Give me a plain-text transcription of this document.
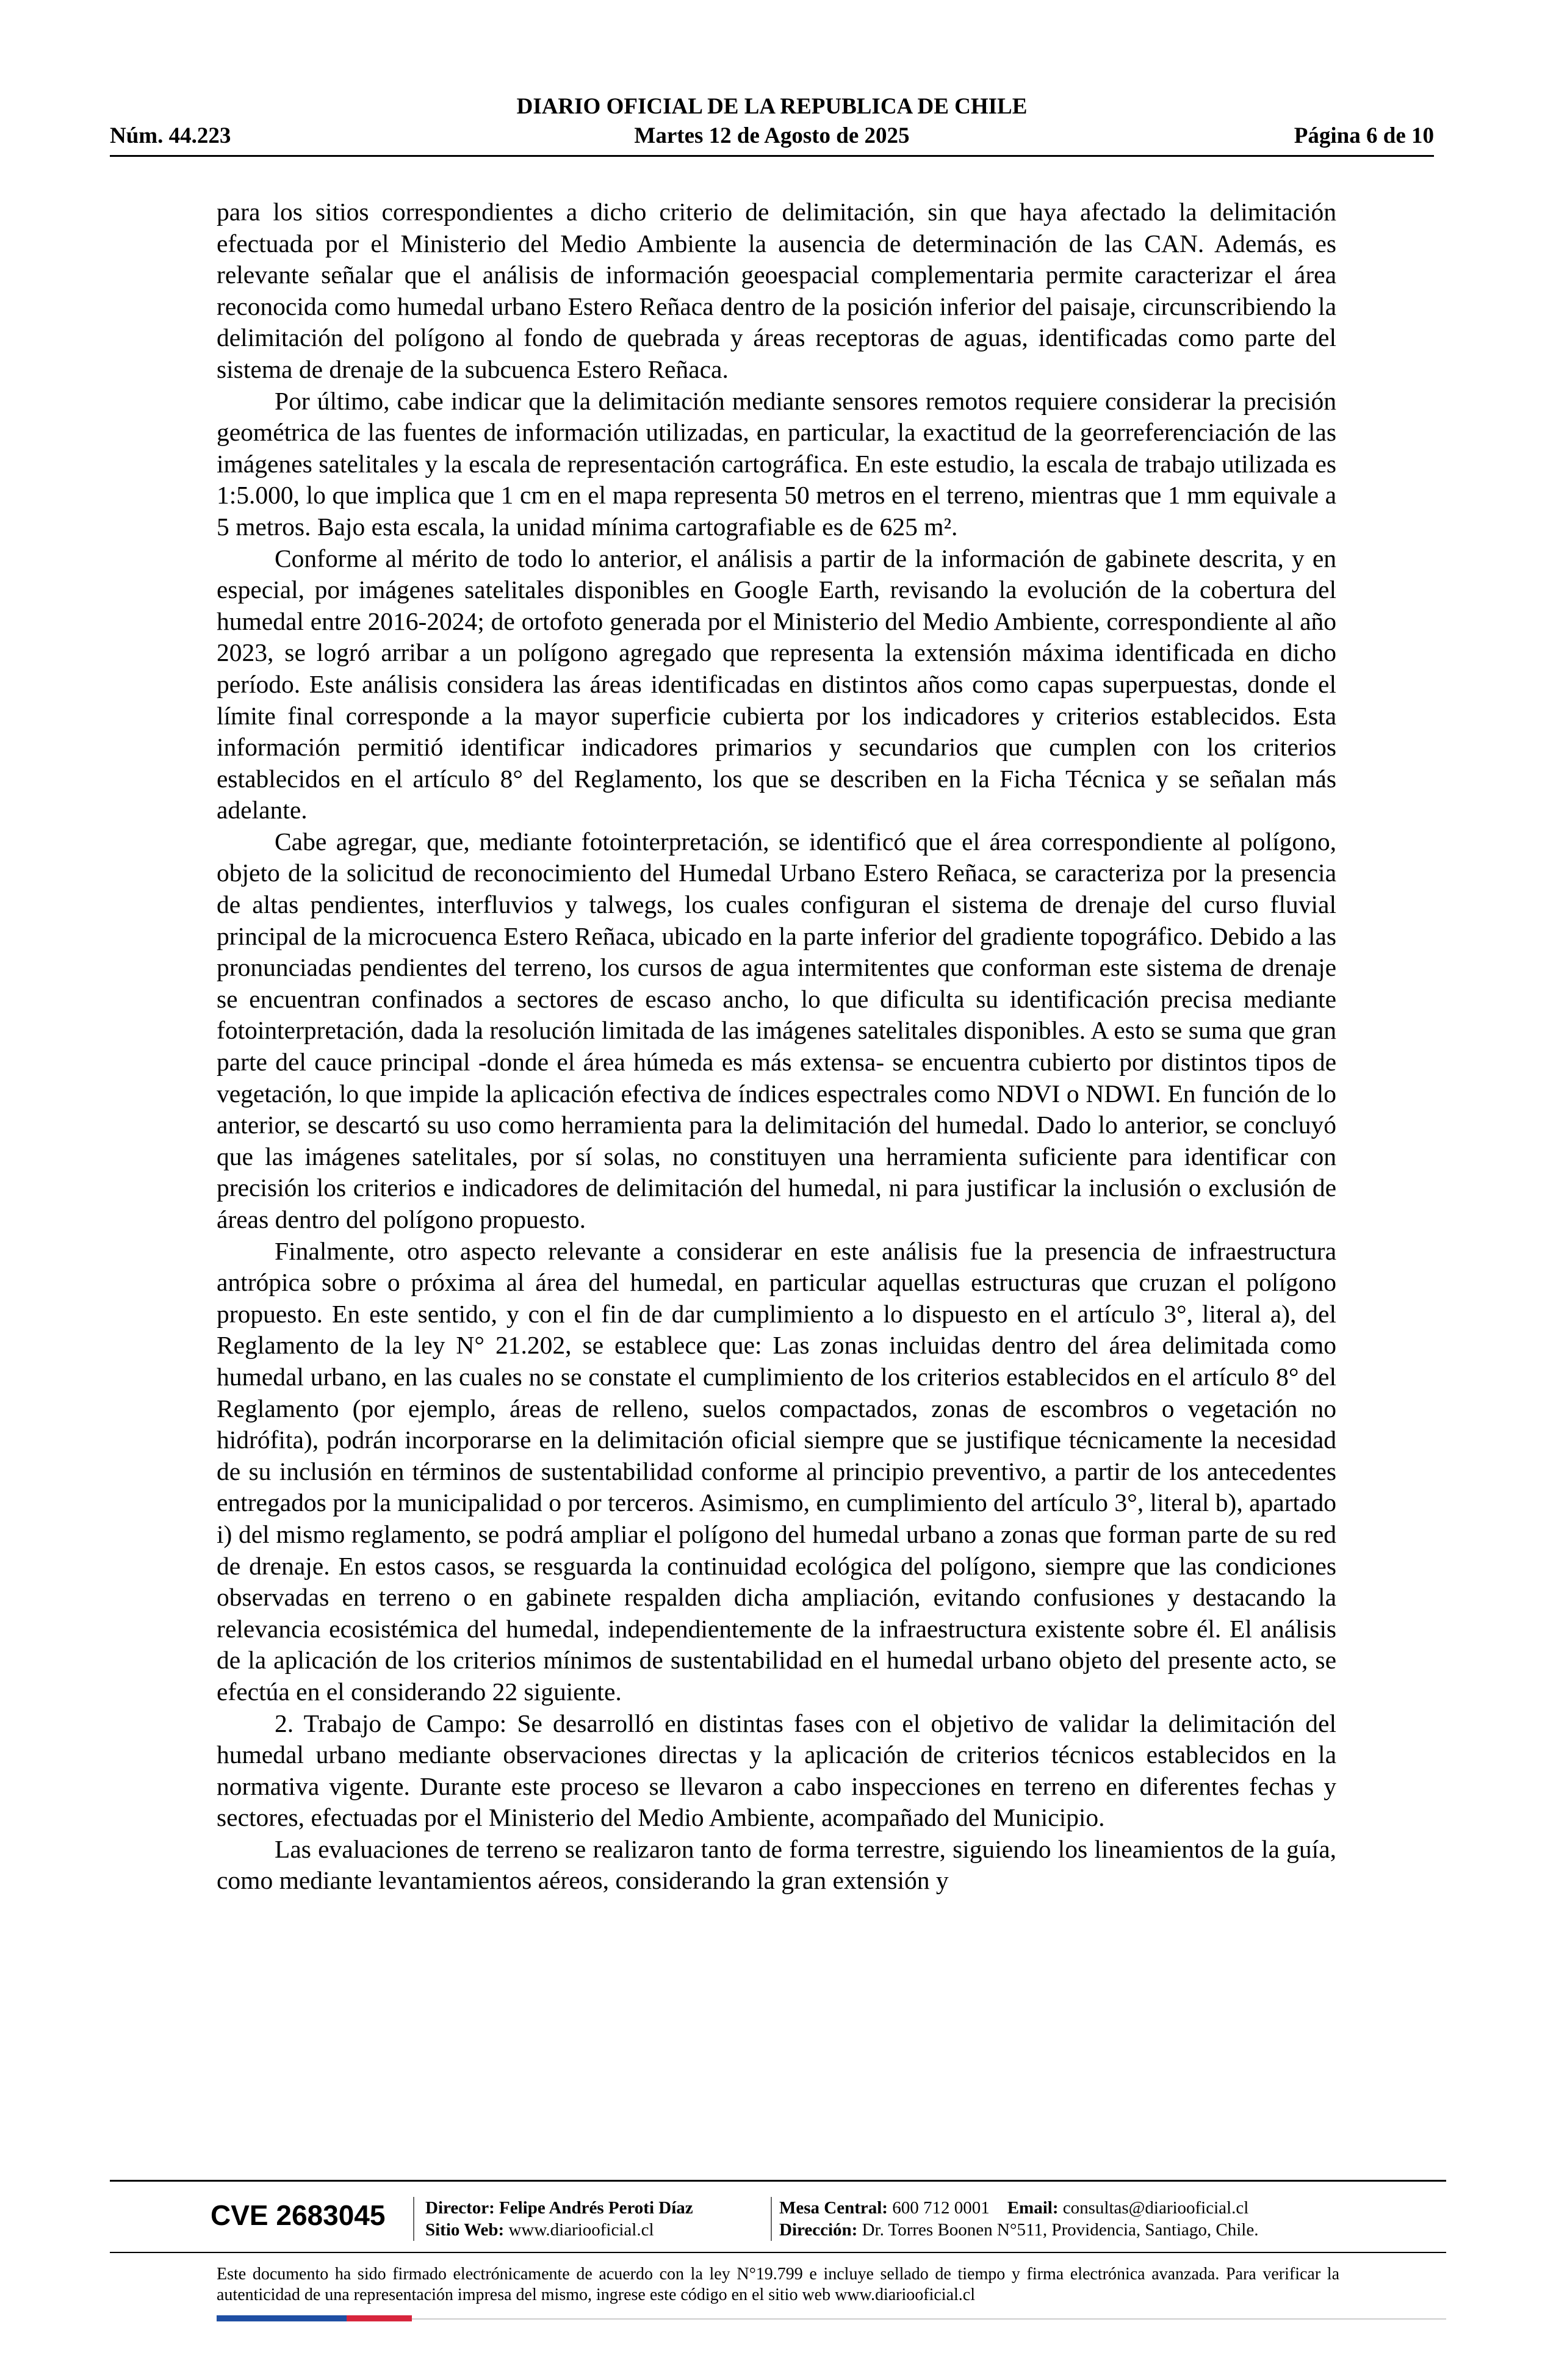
DIARIO OFICIAL DE LA REPUBLICA DE CHILE
Núm. 44.223	Martes 12 de Agosto de 2025	Página 6 de 10

para los sitios correspondientes a dicho criterio de delimitación, sin que haya afectado la delimitación efectuada por el Ministerio del Medio Ambiente la ausencia de determinación de las CAN. Además, es relevante señalar que el análisis de información geoespacial complementaria permite caracterizar el área reconocida como humedal urbano Estero Reñaca dentro de la posición inferior del paisaje, circunscribiendo la delimitación del polígono al fondo de quebrada y áreas receptoras de aguas, identificadas como parte del sistema de drenaje de la subcuenca Estero Reñaca.

Por último, cabe indicar que la delimitación mediante sensores remotos requiere considerar la precisión geométrica de las fuentes de información utilizadas, en particular, la exactitud de la georreferenciación de las imágenes satelitales y la escala de representación cartográfica. En este estudio, la escala de trabajo utilizada es 1:5.000, lo que implica que 1 cm en el mapa representa 50 metros en el terreno, mientras que 1 mm equivale a 5 metros. Bajo esta escala, la unidad mínima cartografiable es de 625 m².

Conforme al mérito de todo lo anterior, el análisis a partir de la información de gabinete descrita, y en especial, por imágenes satelitales disponibles en Google Earth, revisando la evolución de la cobertura del humedal entre 2016-2024; de ortofoto generada por el Ministerio del Medio Ambiente, correspondiente al año 2023, se logró arribar a un polígono agregado que representa la extensión máxima identificada en dicho período. Este análisis considera las áreas identificadas en distintos años como capas superpuestas, donde el límite final corresponde a la mayor superficie cubierta por los indicadores y criterios establecidos. Esta información permitió identificar indicadores primarios y secundarios que cumplen con los criterios establecidos en el artículo 8° del Reglamento, los que se describen en la Ficha Técnica y se señalan más adelante.

Cabe agregar, que, mediante fotointerpretación, se identificó que el área correspondiente al polígono, objeto de la solicitud de reconocimiento del Humedal Urbano Estero Reñaca, se caracteriza por la presencia de altas pendientes, interfluvios y talwegs, los cuales configuran el sistema de drenaje del curso fluvial principal de la microcuenca Estero Reñaca, ubicado en la parte inferior del gradiente topográfico. Debido a las pronunciadas pendientes del terreno, los cursos de agua intermitentes que conforman este sistema de drenaje se encuentran confinados a sectores de escaso ancho, lo que dificulta su identificación precisa mediante fotointerpretación, dada la resolución limitada de las imágenes satelitales disponibles. A esto se suma que gran parte del cauce principal -donde el área húmeda es más extensa- se encuentra cubierto por distintos tipos de vegetación, lo que impide la aplicación efectiva de índices espectrales como NDVI o NDWI. En función de lo anterior, se descartó su uso como herramienta para la delimitación del humedal. Dado lo anterior, se concluyó que las imágenes satelitales, por sí solas, no constituyen una herramienta suficiente para identificar con precisión los criterios e indicadores de delimitación del humedal, ni para justificar la inclusión o exclusión de áreas dentro del polígono propuesto.

Finalmente, otro aspecto relevante a considerar en este análisis fue la presencia de infraestructura antrópica sobre o próxima al área del humedal, en particular aquellas estructuras que cruzan el polígono propuesto. En este sentido, y con el fin de dar cumplimiento a lo dispuesto en el artículo 3°, literal a), del Reglamento de la ley N° 21.202, se establece que: Las zonas incluidas dentro del área delimitada como humedal urbano, en las cuales no se constate el cumplimiento de los criterios establecidos en el artículo 8° del Reglamento (por ejemplo, áreas de relleno, suelos compactados, zonas de escombros o vegetación no hidrófita), podrán incorporarse en la delimitación oficial siempre que se justifique técnicamente la necesidad de su inclusión en términos de sustentabilidad conforme al principio preventivo, a partir de los antecedentes entregados por la municipalidad o por terceros. Asimismo, en cumplimiento del artículo 3°, literal b), apartado i) del mismo reglamento, se podrá ampliar el polígono del humedal urbano a zonas que forman parte de su red de drenaje. En estos casos, se resguarda la continuidad ecológica del polígono, siempre que las condiciones observadas en terreno o en gabinete respalden dicha ampliación, evitando confusiones y destacando la relevancia ecosistémica del humedal, independientemente de la infraestructura existente sobre él. El análisis de la aplicación de los criterios mínimos de sustentabilidad en el humedal urbano objeto del presente acto, se efectúa en el considerando 22 siguiente.

2. Trabajo de Campo: Se desarrolló en distintas fases con el objetivo de validar la delimitación del humedal urbano mediante observaciones directas y la aplicación de criterios técnicos establecidos en la normativa vigente. Durante este proceso se llevaron a cabo inspecciones en terreno en diferentes fechas y sectores, efectuadas por el Ministerio del Medio Ambiente, acompañado del Municipio.

Las evaluaciones de terreno se realizaron tanto de forma terrestre, siguiendo los lineamientos de la guía, como mediante levantamientos aéreos, considerando la gran extensión y

CVE 2683045 Director: Felipe Andrés Peroti Díaz
Sitio Web: www.diariooficial.cl
Mesa Central: 600 712 0001 Email: consultas@diariooficial.cl
Dirección: Dr. Torres Boonen N°511, Providencia, Santiago, Chile.
Este documento ha sido firmado electrónicamente de acuerdo con la ley N°19.799 e incluye sellado de tiempo y firma electrónica avanzada. Para verificar la autenticidad de una representación impresa del mismo, ingrese este código en el sitio web www.diariooficial.cl
